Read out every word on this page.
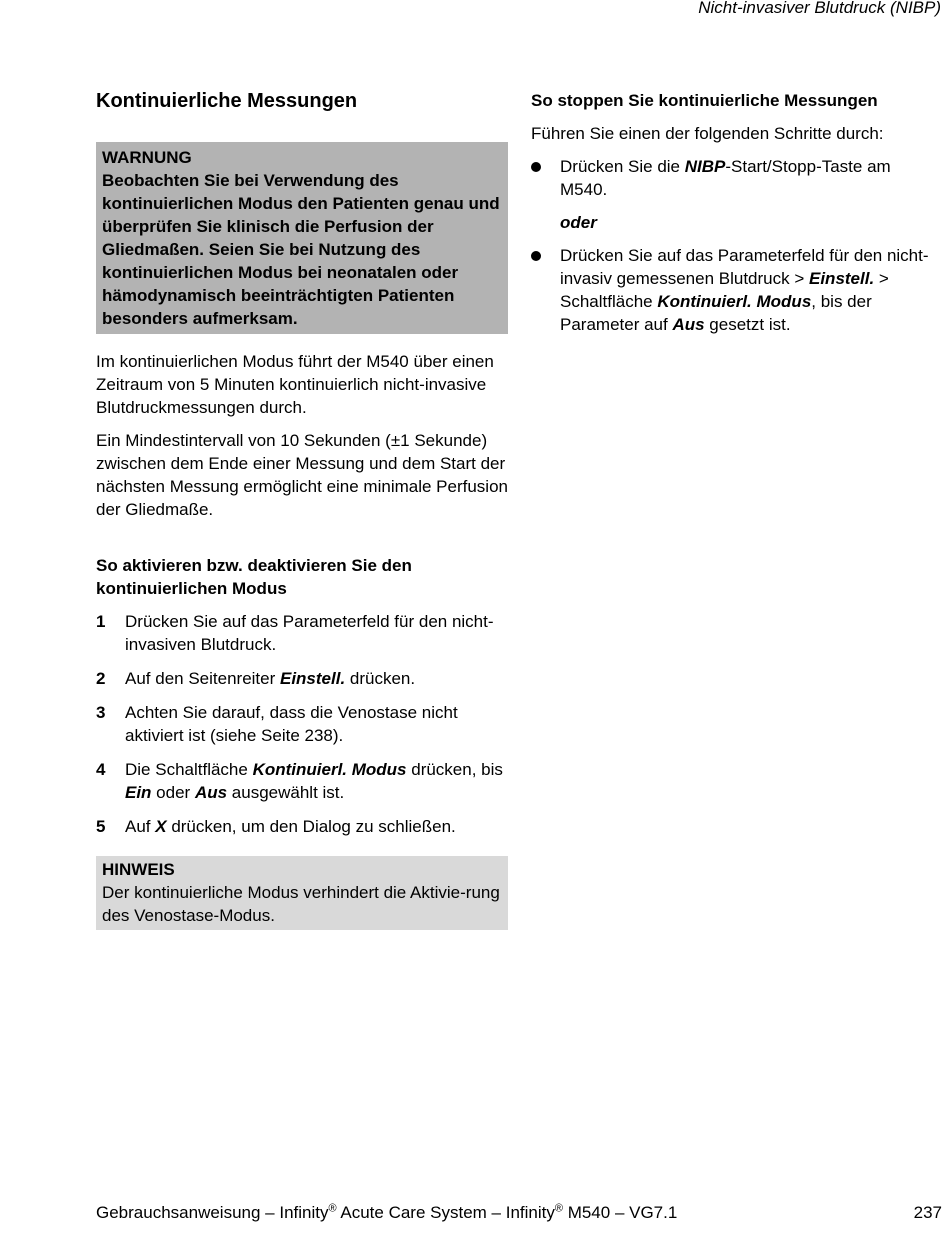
Nicht-invasiver Blutdruck (NIBP)
Kontinuierliche Messungen
WARNUNG
Beobachten Sie bei Verwendung des kontinuierlichen Modus den Patienten genau und überprüfen Sie klinisch die Perfusion der Gliedmaßen. Seien Sie bei Nutzung des kontinuierlichen Modus bei neonatalen oder hämodynamisch beeinträchtigten Patienten besonders aufmerksam.

Im kontinuierlichen Modus führt der M540 über einen Zeitraum von 5 Minuten kontinuierlich nicht-invasive Blutdruckmessungen durch.

Ein Mindestintervall von 10 Sekunden (±1 Sekunde) zwischen dem Ende einer Messung und dem Start der nächsten Messung ermöglicht eine minimale Perfusion der Gliedmaße.

So aktivieren bzw. deaktivieren Sie den kontinuierlichen Modus

1	Drücken Sie auf das Parameterfeld für den nicht-invasiven Blutdruck.
2	Auf den Seitenreiter Einstell. drücken.
3	Achten Sie darauf, dass die Venostase nicht aktiviert ist (siehe Seite 238).
4	Die Schaltfläche Kontinuierl. Modus drücken, bis Ein oder Aus ausgewählt ist.
5	Auf X drücken, um den Dialog zu schließen.
HINWEIS
Der kontinuierliche Modus verhindert die Aktivie-rung des Venostase-Modus.

So stoppen Sie kontinuierliche Messungen

Führen Sie einen der folgenden Schritte durch:

Drücken Sie die NIBP-Start/Stopp-Taste am M540.

oder

Drücken Sie auf das Parameterfeld für den nicht-invasiv gemessenen Blutdruck > Einstell. > Schaltfläche Kontinuierl. Modus, bis der Parameter auf Aus gesetzt ist.
Gebrauchsanweisung – Infinity® Acute Care System – Infinity® M540 – VG7.1	237
